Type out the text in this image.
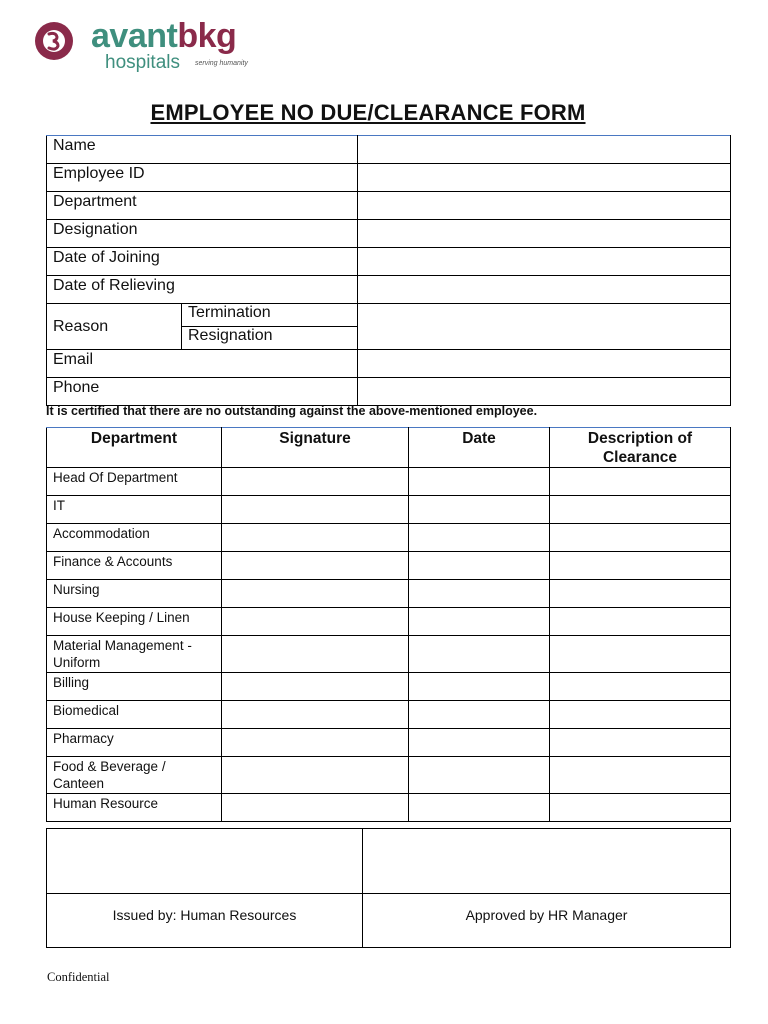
avantbkg
hospitals serving humanity
EMPLOYEE NO DUE/CLEARANCE FORM
Name		
Employee ID		
Department		
Designation		
Date of Joining		
Date of Relieving		
Reason	Termination	
	Resignation	
Email		
Phone		
It is certified that there are no outstanding against the above-mentioned employee.
Department	Signature	Date	Description of Clearance
Head Of Department			
IT			
Accommodation			
Finance & Accounts			
Nursing			
House Keeping / Linen			
Material Management - Uniform			
Billing			
Biomedical			
Pharmacy			
Food & Beverage / Canteen			
Human Resource			

Issued by: Human Resources	Approved by HR Manager
Confidential
